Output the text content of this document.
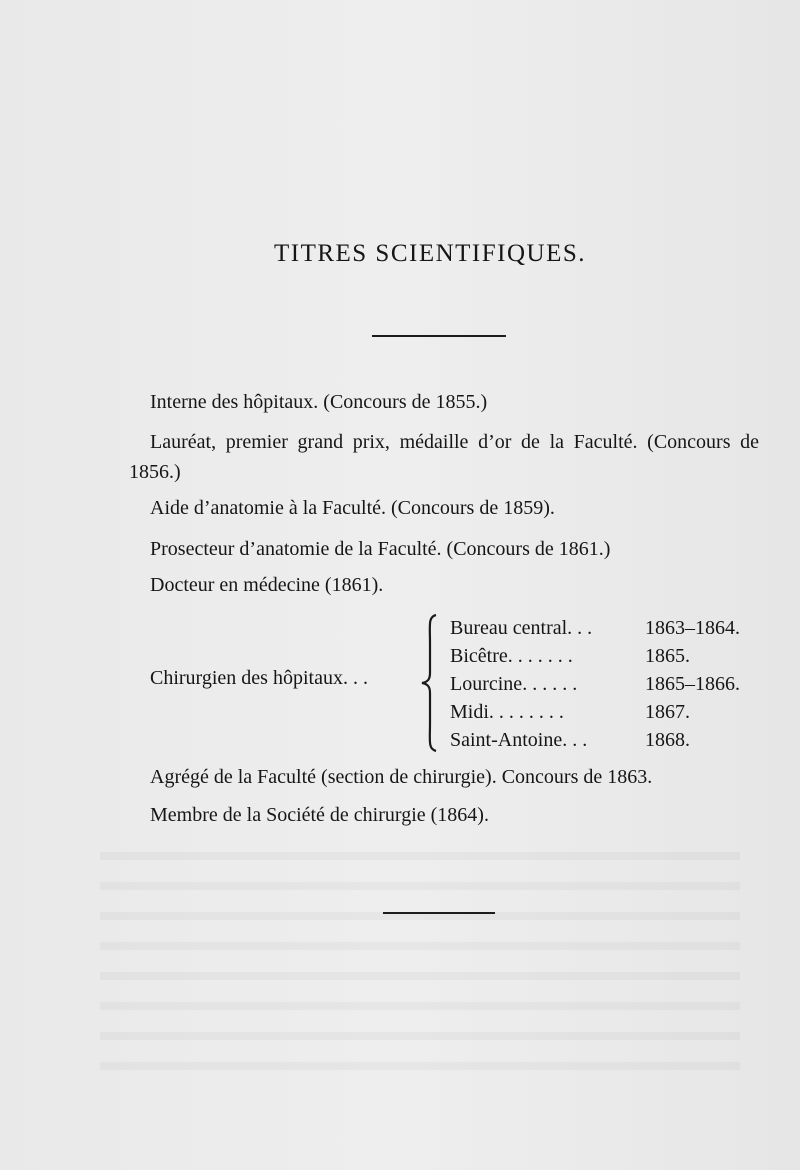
TITRES SCIENTIFIQUES.
Interne des hôpitaux. (Concours de 1855.)
Lauréat, premier grand prix, médaille d’or de la Faculté. (Concours de 1856.)
Aide d’anatomie à la Faculté. (Concours de 1859).
Prosecteur d’anatomie de la Faculté. (Concours de 1861.)
Docteur en médecine (1861).
Chirurgien des hôpitaux. . .
Bureau central. . .	1863–1864.
Bicêtre. . . . . . .	1865.
Lourcine. . . . . .	1865–1866.
Midi. . . . . . . .	1867.
Saint-Antoine. . .	1868.
Agrégé de la Faculté (section de chirurgie). Concours de 1863.
Membre de la Société de chirurgie (1864).
